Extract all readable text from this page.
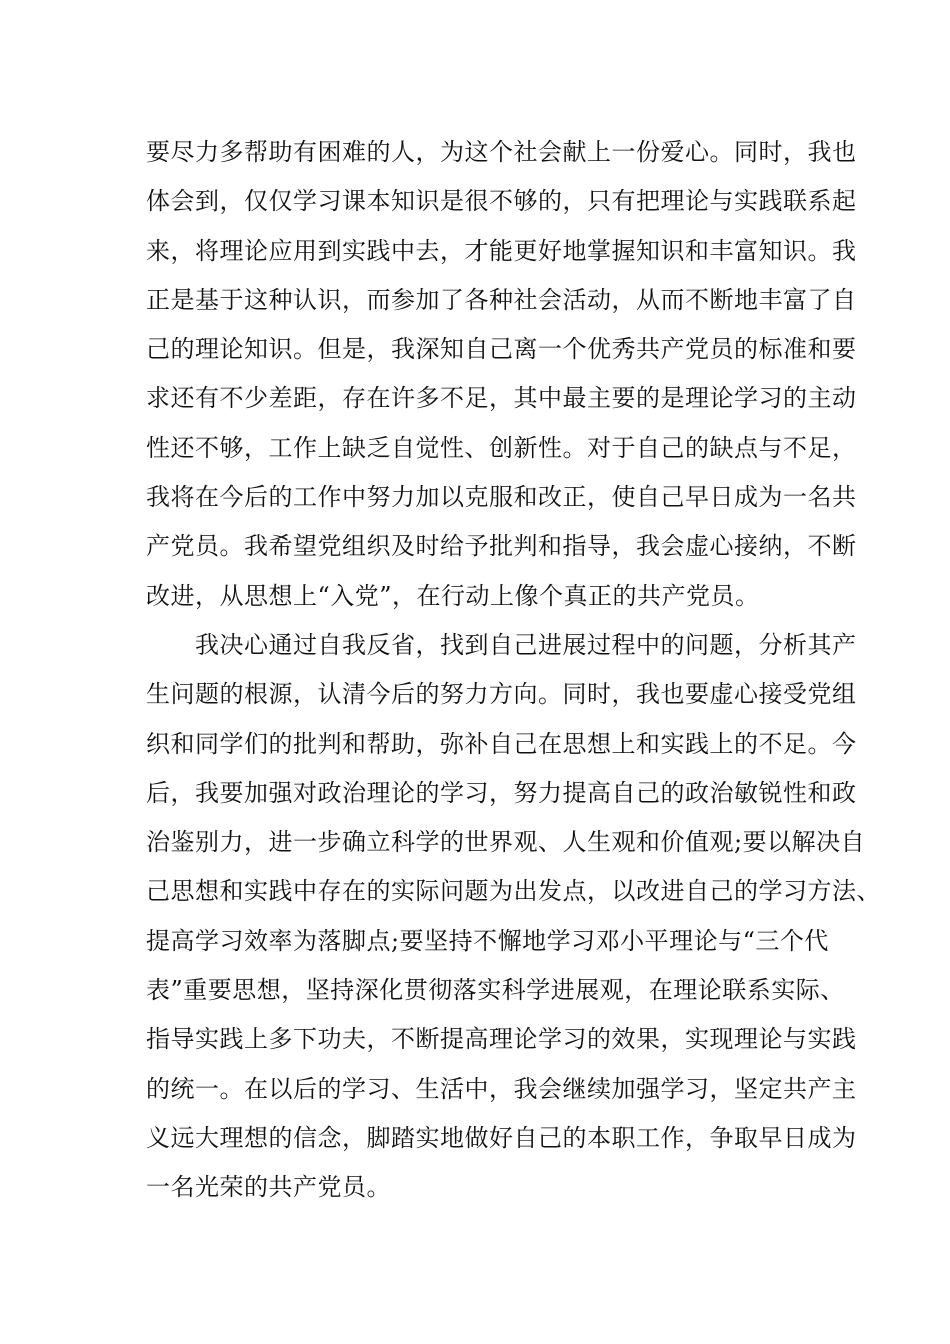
要尽力多帮助有困难的人，为这个社会献上一份爱心。同时，我也
体会到，仅仅学习课本知识是很不够的，只有把理论与实践联系起
来，将理论应用到实践中去，才能更好地掌握知识和丰富知识。我
正是基于这种认识，而参加了各种社会活动，从而不断地丰富了自
己的理论知识。但是，我深知自己离一个优秀共产党员的标准和要
求还有不少差距，存在许多不足，其中最主要的是理论学习的主动
性还不够，工作上缺乏自觉性、创新性。对于自己的缺点与不足，
我将在今后的工作中努力加以克服和改正，使自己早日成为一名共
产党员。我希望党组织及时给予批判和指导，我会虚心接纳，不断
改进，从思想上“入党”，在行动上像个真正的共产党员。
　　我决心通过自我反省，找到自己进展过程中的问题，分析其产
生问题的根源，认清今后的努力方向。同时，我也要虚心接受党组
织和同学们的批判和帮助，弥补自己在思想上和实践上的不足。今
后，我要加强对政治理论的学习，努力提高自己的政治敏锐性和政
治鉴别力，进一步确立科学的世界观、人生观和价值观;要以解决自
己思想和实践中存在的实际问题为出发点，以改进自己的学习方法、
提高学习效率为落脚点;要坚持不懈地学习邓小平理论与“三个代
表”重要思想，坚持深化贯彻落实科学进展观，在理论联系实际、
指导实践上多下功夫，不断提高理论学习的效果，实现理论与实践
的统一。在以后的学习、生活中，我会继续加强学习，坚定共产主
义远大理想的信念，脚踏实地做好自己的本职工作，争取早日成为
一名光荣的共产党员。
